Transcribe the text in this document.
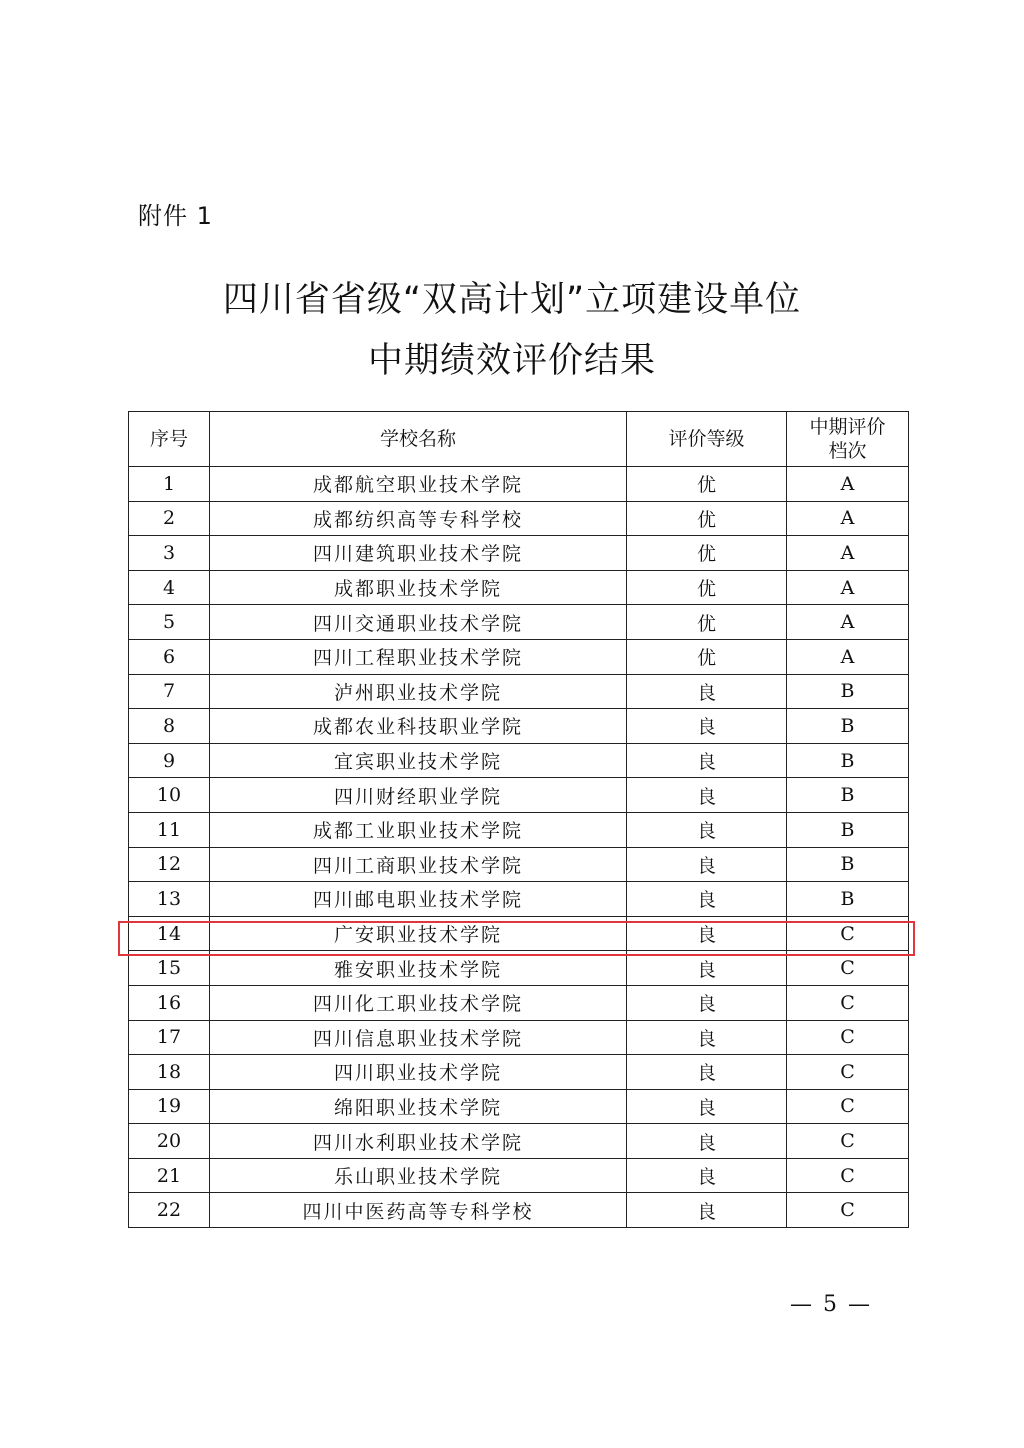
附件 1
四川省省级“双高计划”立项建设单位
中期绩效评价结果
序号	学校名称	评价等级	中期评价
档次

1	成都航空职业技术学院	优	A
2	成都纺织高等专科学校	优	A
3	四川建筑职业技术学院	优	A
4	成都职业技术学院	优	A
5	四川交通职业技术学院	优	A
6	四川工程职业技术学院	优	A
7	泸州职业技术学院	良	B
8	成都农业科技职业学院	良	B
9	宜宾职业技术学院	良	B
10	四川财经职业学院	良	B
11	成都工业职业技术学院	良	B
12	四川工商职业技术学院	良	B
13	四川邮电职业技术学院	良	B
14	广安职业技术学院	良	C
15	雅安职业技术学院	良	C
16	四川化工职业技术学院	良	C
17	四川信息职业技术学院	良	C
18	四川职业技术学院	良	C
19	绵阳职业技术学院	良	C
20	四川水利职业技术学院	良	C
21	乐山职业技术学院	良	C
22	四川中医药高等专科学校	良	C
— 5 —
